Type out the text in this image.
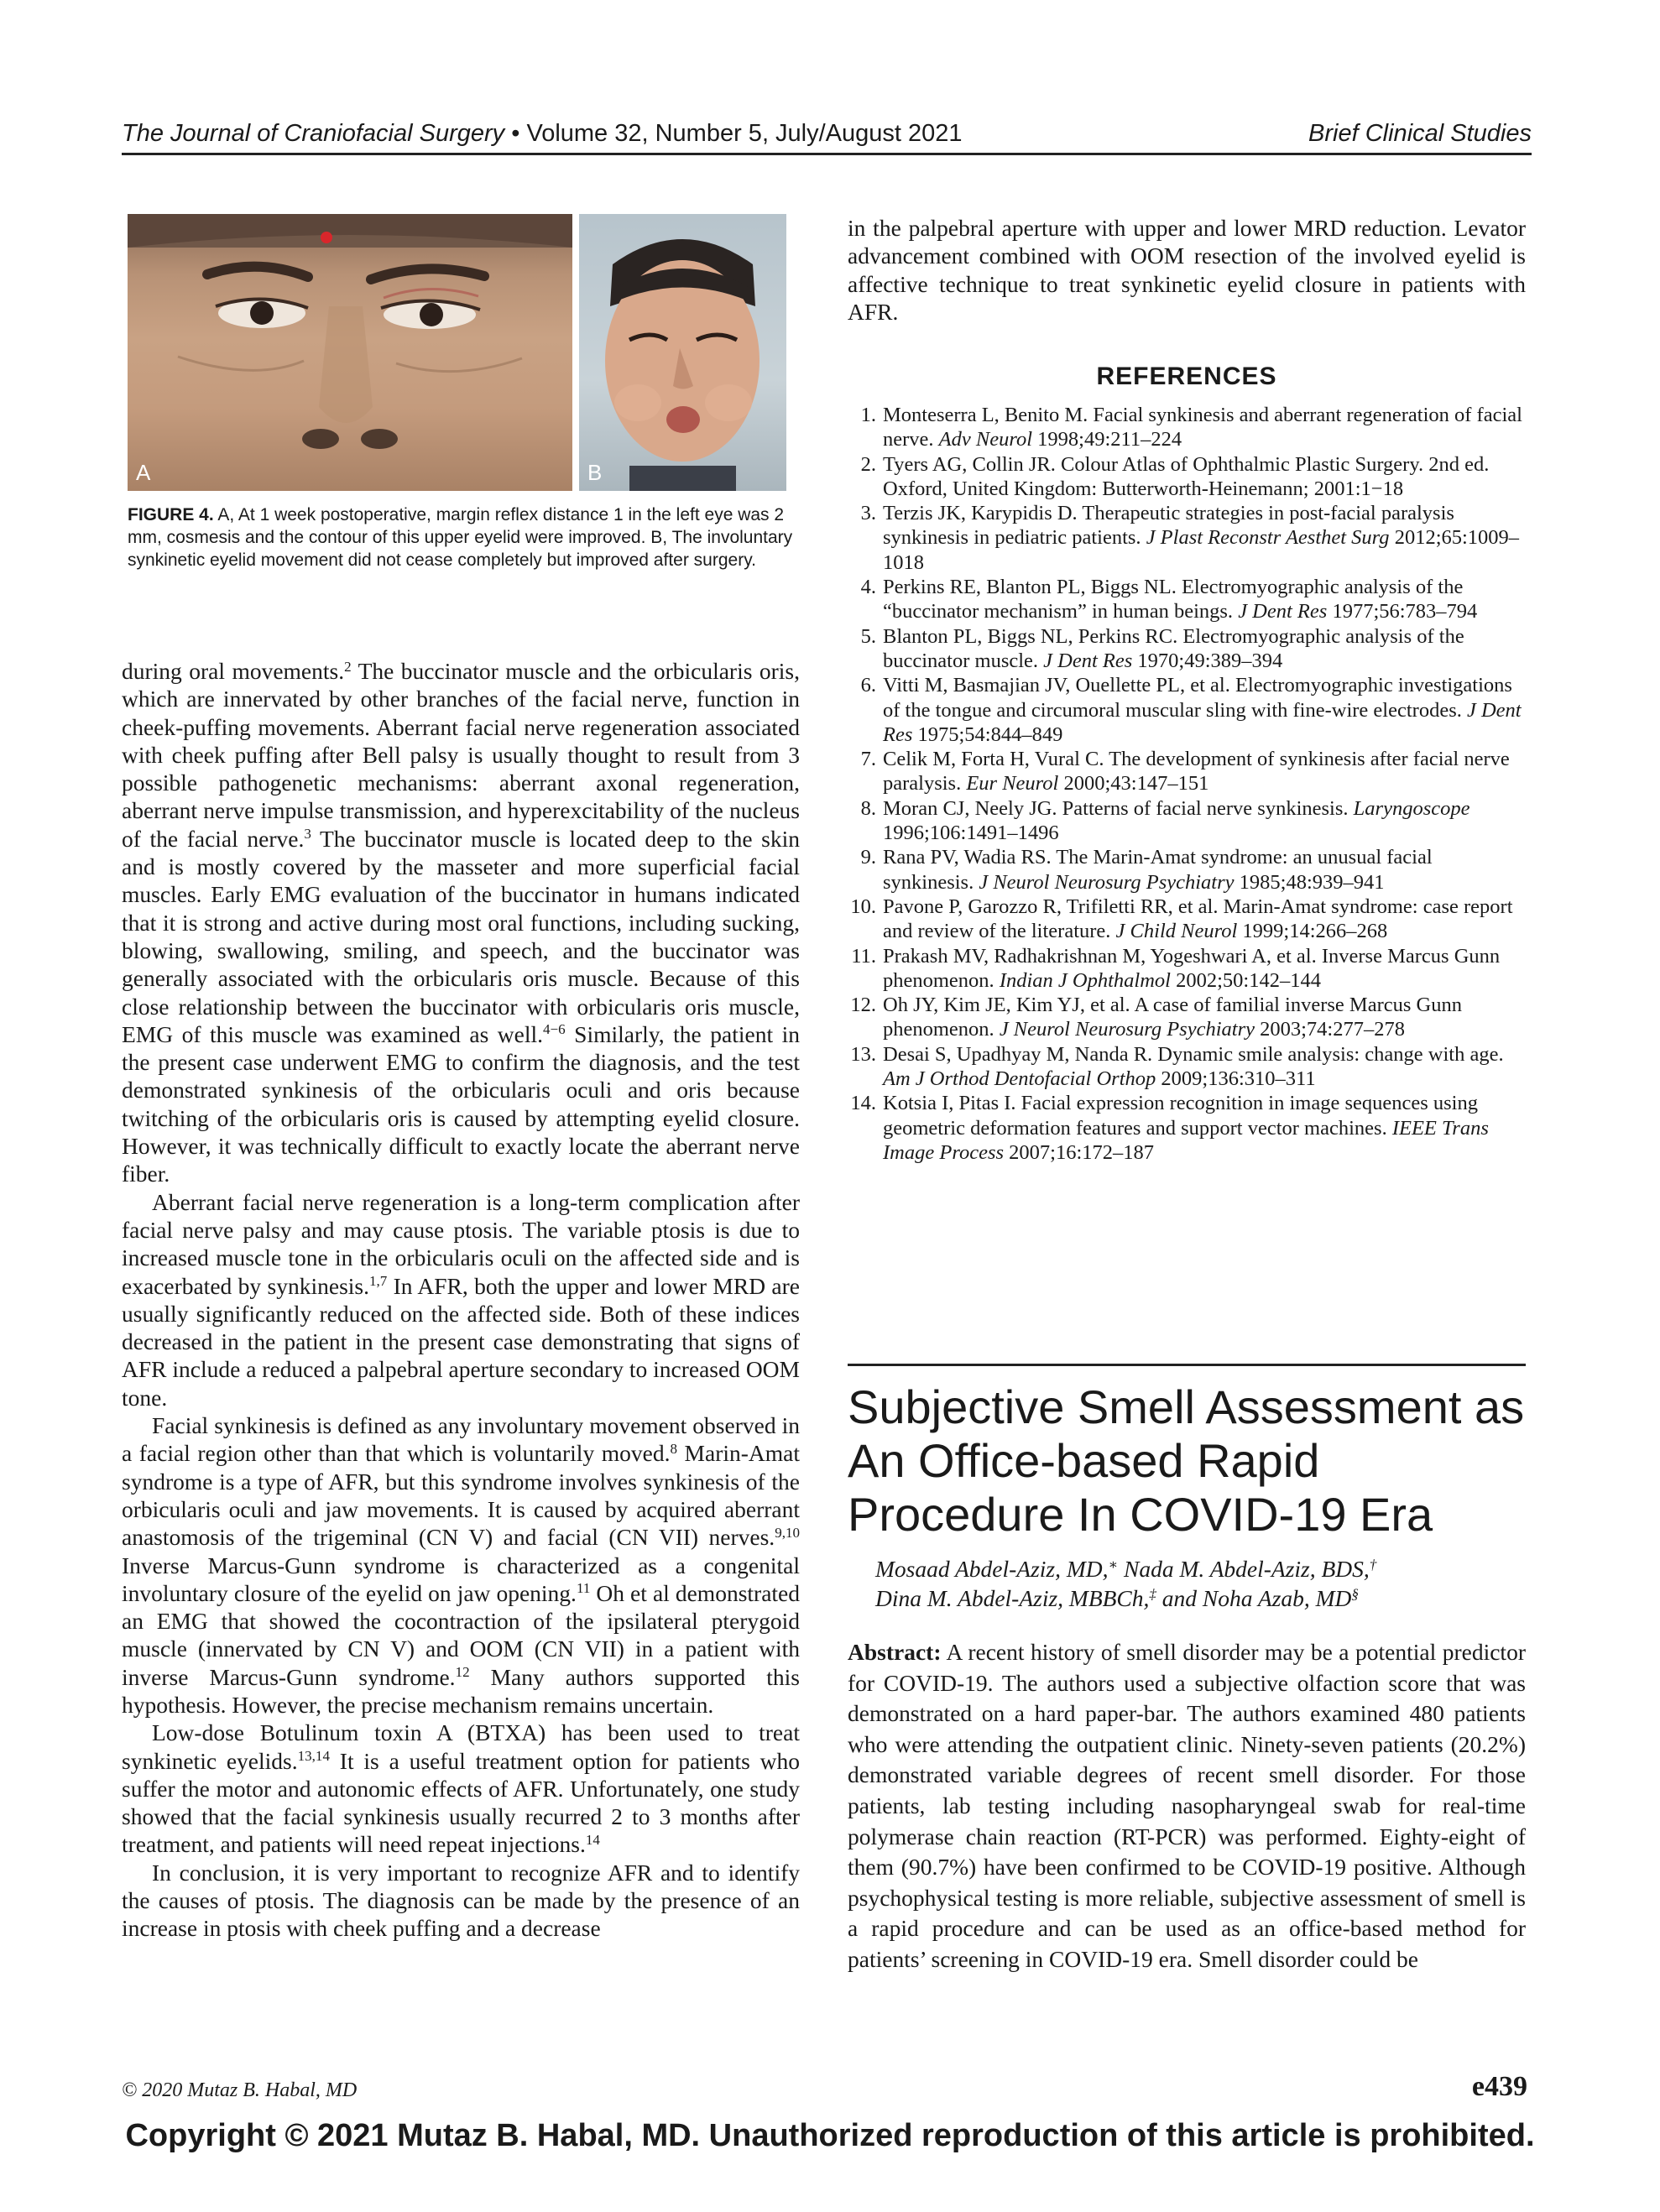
The Journal of Craniofacial Surgery • Volume 32, Number 5, July/August 2021	Brief Clinical Studies
A	B
FIGURE 4. A, At 1 week postoperative, margin reflex distance 1 in the left eye was 2 mm, cosmesis and the contour of this upper eyelid were improved. B, The involuntary synkinetic eyelid movement did not cease completely but improved after surgery.

during oral movements.$^2$ The buccinator muscle and the orbicularis oris, which are innervated by other branches of the facial nerve, function in cheek-puffing movements. Aberrant facial nerve regeneration associated with cheek puffing after Bell palsy is usually thought to result from 3 possible pathogenetic mechanisms: aberrant axonal regeneration, aberrant nerve impulse transmission, and hyperexcitability of the nucleus of the facial nerve.$^3$ The buccinator muscle is located deep to the skin and is mostly covered by the masseter and more superficial facial muscles. Early EMG evaluation of the buccinator in humans indicated that it is strong and active during most oral functions, including sucking, blowing, swallowing, smiling, and speech, and the buccinator was generally associated with the orbicularis oris muscle. Because of this close relationship between the buccinator with orbicularis oris muscle, EMG of this muscle was examined as well.$^{4-6}$ Similarly, the patient in the present case underwent EMG to confirm the diagnosis, and the test demonstrated synkinesis of the orbicularis oculi and oris because twitching of the orbicularis oris is caused by attempting eyelid closure. However, it was technically difficult to exactly locate the aberrant nerve fiber.

Aberrant facial nerve regeneration is a long-term complication after facial nerve palsy and may cause ptosis. The variable ptosis is due to increased muscle tone in the orbicularis oculi on the affected side and is exacerbated by synkinesis.$^{1,7}$ In AFR, both the upper and lower MRD are usually significantly reduced on the affected side. Both of these indices decreased in the patient in the present case demonstrating that signs of AFR include a reduced a palpebral aperture secondary to increased OOM tone.

Facial synkinesis is defined as any involuntary movement observed in a facial region other than that which is voluntarily moved.$^8$ Marin-Amat syndrome is a type of AFR, but this syndrome involves synkinesis of the orbicularis oculi and jaw movements. It is caused by acquired aberrant anastomosis of the trigeminal (CN V) and facial (CN VII) nerves.$^{9,10}$ Inverse Marcus-Gunn syndrome is characterized as a congenital involuntary closure of the eyelid on jaw opening.$^{11}$ Oh et al demonstrated an EMG that showed the cocontraction of the ipsilateral pterygoid muscle (innervated by CN V) and OOM (CN VII) in a patient with inverse Marcus-Gunn syndrome.$^{12}$ Many authors supported this hypothesis. However, the precise mechanism remains uncertain.

Low-dose Botulinum toxin A (BTXA) has been used to treat synkinetic eyelids.$^{13,14}$ It is a useful treatment option for patients who suffer the motor and autonomic effects of AFR. Unfortunately, one study showed that the facial synkinesis usually recurred 2 to 3 months after treatment, and patients will need repeat injections.$^{14}$

In conclusion, it is very important to recognize AFR and to identify the causes of ptosis. The diagnosis can be made by the presence of an increase in ptosis with cheek puffing and a decrease

in the palpebral aperture with upper and lower MRD reduction. Levator advancement combined with OOM resection of the involved eyelid is affective technique to treat synkinetic eyelid closure in patients with AFR.

REFERENCES
1. Monteserra L, Benito M. Facial synkinesis and aberrant regeneration of facial nerve. Adv Neurol 1998;49:211–224
2. Tyers AG, Collin JR. Colour Atlas of Ophthalmic Plastic Surgery. 2nd ed. Oxford, United Kingdom: Butterworth-Heinemann; 2001:1−18
3. Terzis JK, Karypidis D. Therapeutic strategies in post-facial paralysis synkinesis in pediatric patients. J Plast Reconstr Aesthet Surg 2012;65:1009–1018
4. Perkins RE, Blanton PL, Biggs NL. Electromyographic analysis of the “buccinator mechanism” in human beings. J Dent Res 1977;56:783–794
5. Blanton PL, Biggs NL, Perkins RC. Electromyographic analysis of the buccinator muscle. J Dent Res 1970;49:389–394
6. Vitti M, Basmajian JV, Ouellette PL, et al. Electromyographic investigations of the tongue and circumoral muscular sling with fine-wire electrodes. J Dent Res 1975;54:844–849
7. Celik M, Forta H, Vural C. The development of synkinesis after facial nerve paralysis. Eur Neurol 2000;43:147–151
8. Moran CJ, Neely JG. Patterns of facial nerve synkinesis. Laryngoscope 1996;106:1491–1496
9. Rana PV, Wadia RS. The Marin-Amat syndrome: an unusual facial synkinesis. J Neurol Neurosurg Psychiatry 1985;48:939–941
10. Pavone P, Garozzo R, Trifiletti RR, et al. Marin-Amat syndrome: case report and review of the literature. J Child Neurol 1999;14:266–268
11. Prakash MV, Radhakrishnan M, Yogeshwari A, et al. Inverse Marcus Gunn phenomenon. Indian J Ophthalmol 2002;50:142–144
12. Oh JY, Kim JE, Kim YJ, et al. A case of familial inverse Marcus Gunn phenomenon. J Neurol Neurosurg Psychiatry 2003;74:277–278
13. Desai S, Upadhyay M, Nanda R. Dynamic smile analysis: change with age. Am J Orthod Dentofacial Orthop 2009;136:310–311
14. Kotsia I, Pitas I. Facial expression recognition in image sequences using geometric deformation features and support vector machines. IEEE Trans Image Process 2007;16:172–187
Subjective Smell Assessment as
An Office-based Rapid
Procedure In COVID-19 Era
Mosaad Abdel-Aziz, MD,∗ Nada M. Abdel-Aziz, BDS,†
Dina M. Abdel-Aziz, MBBCh,‡ and Noha Azab, MD§
Abstract: A recent history of smell disorder may be a potential predictor for COVID-19. The authors used a subjective olfaction score that was demonstrated on a hard paper-bar. The authors examined 480 patients who were attending the outpatient clinic. Ninety-seven patients (20.2%) demonstrated variable degrees of recent smell disorder. For those patients, lab testing including nasopharyngeal swab for real-time polymerase chain reaction (RT-PCR) was performed. Eighty-eight of them (90.7%) have been confirmed to be COVID-19 positive. Although psychophysical testing is more reliable, subjective assessment of smell is a rapid procedure and can be used as an office-based method for patients’ screening in COVID-19 era. Smell disorder could be
© 2020 Mutaz B. Habal, MD	e439
Copyright © 2021 Mutaz B. Habal, MD. Unauthorized reproduction of this article is prohibited.
